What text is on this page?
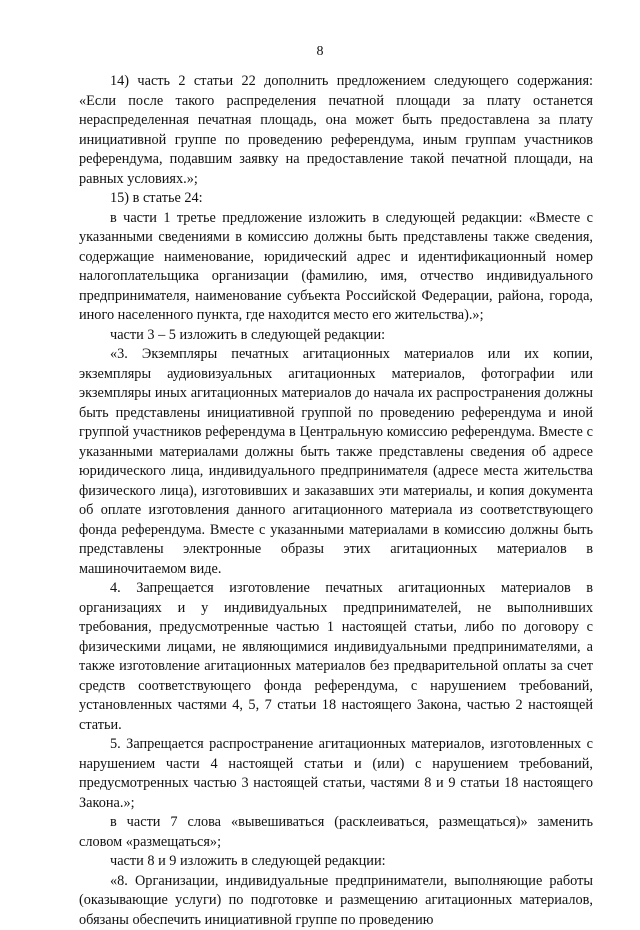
8

14) часть 2 статьи 22 дополнить предложением следующего содержания: «Если после такого распределения печатной площади за плату останется нераспределенная печатная площадь, она может быть предоставлена за плату инициативной группе по проведению референдума, иным группам участников референдума, подавшим заявку на предоставление такой печатной площади, на равных условиях.»;

15) в статье 24:

в части 1 третье предложение изложить в следующей редакции: «Вместе с указанными сведениями в комиссию должны быть представлены также сведения, содержащие наименование, юридический адрес и идентификационный номер налогоплательщика организации (фамилию, имя, отчество индивидуального предпринимателя, наименование субъекта Российской Федерации, района, города, иного населенного пункта, где находится место его жительства).»;

части 3 – 5 изложить в следующей редакции:

«3. Экземпляры печатных агитационных материалов или их копии, экземпляры аудиовизуальных агитационных материалов, фотографии или экземпляры иных агитационных материалов до начала их распространения должны быть представлены инициативной группой по проведению референдума и иной группой участников референдума в Центральную комиссию референдума. Вместе с указанными материалами должны быть также представлены сведения об адресе юридического лица, индивидуального предпринимателя (адресе места жительства физического лица), изготовивших и заказавших эти материалы, и копия документа об оплате изготовления данного агитационного материала из соответствующего фонда референдума. Вместе с указанными материалами в комиссию должны быть представлены электронные образы этих агитационных материалов в машиночитаемом виде.

4. Запрещается изготовление печатных агитационных материалов в организациях и у индивидуальных предпринимателей, не выполнивших требования, предусмотренные частью 1 настоящей статьи, либо по договору с физическими лицами, не являющимися индивидуальными предпринимателями, а также изготовление агитационных материалов без предварительной оплаты за счет средств соответствующего фонда референдума, с нарушением требований, установленных частями 4, 5, 7 статьи 18 настоящего Закона, частью 2 настоящей статьи.

5. Запрещается распространение агитационных материалов, изготовленных с нарушением части 4 настоящей статьи и (или) с нарушением требований, предусмотренных частью 3 настоящей статьи, частями 8 и 9 статьи 18 настоящего Закона.»;

в части 7 слова «вывешиваться (расклеиваться, размещаться)» заменить словом «размещаться»;

части 8 и 9 изложить в следующей редакции:

«8. Организации, индивидуальные предприниматели, выполняющие работы (оказывающие услуги) по подготовке и размещению агитационных материалов, обязаны обеспечить инициативной группе по проведению
